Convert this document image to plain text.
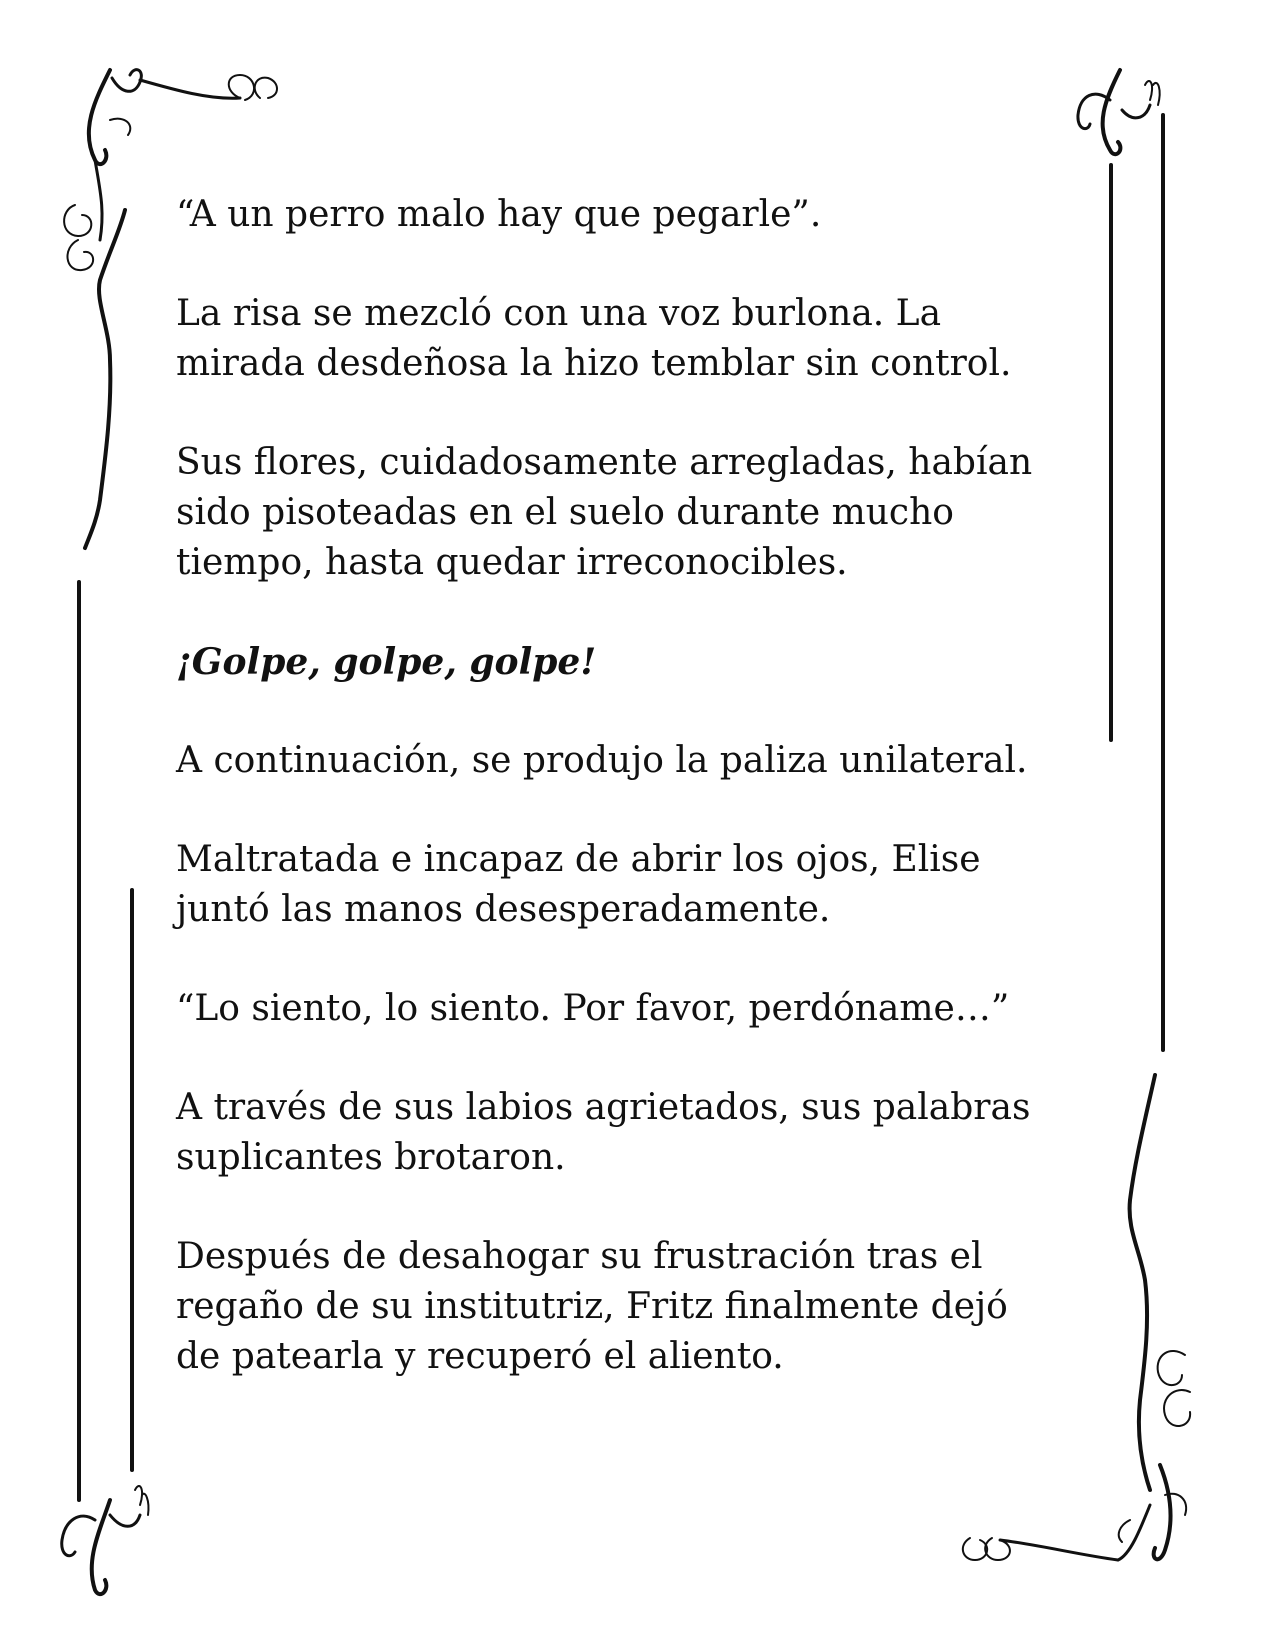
“A un perro malo hay que pegarle”.

La risa se mezcló con una voz burlona. La
mirada desdeñosa la hizo temblar sin control.

Sus flores, cuidadosamente arregladas, habían
sido pisoteadas en el suelo durante mucho
tiempo, hasta quedar irreconocibles.

¡Golpe, golpe, golpe!

A continuación, se produjo la paliza unilateral.

Maltratada e incapaz de abrir los ojos, Elise
juntó las manos desesperadamente.

“Lo siento, lo siento. Por favor, perdóname…”

A través de sus labios agrietados, sus palabras
suplicantes brotaron.

Después de desahogar su frustración tras el
regaño de su institutriz, Fritz finalmente dejó
de patearla y recuperó el aliento.
